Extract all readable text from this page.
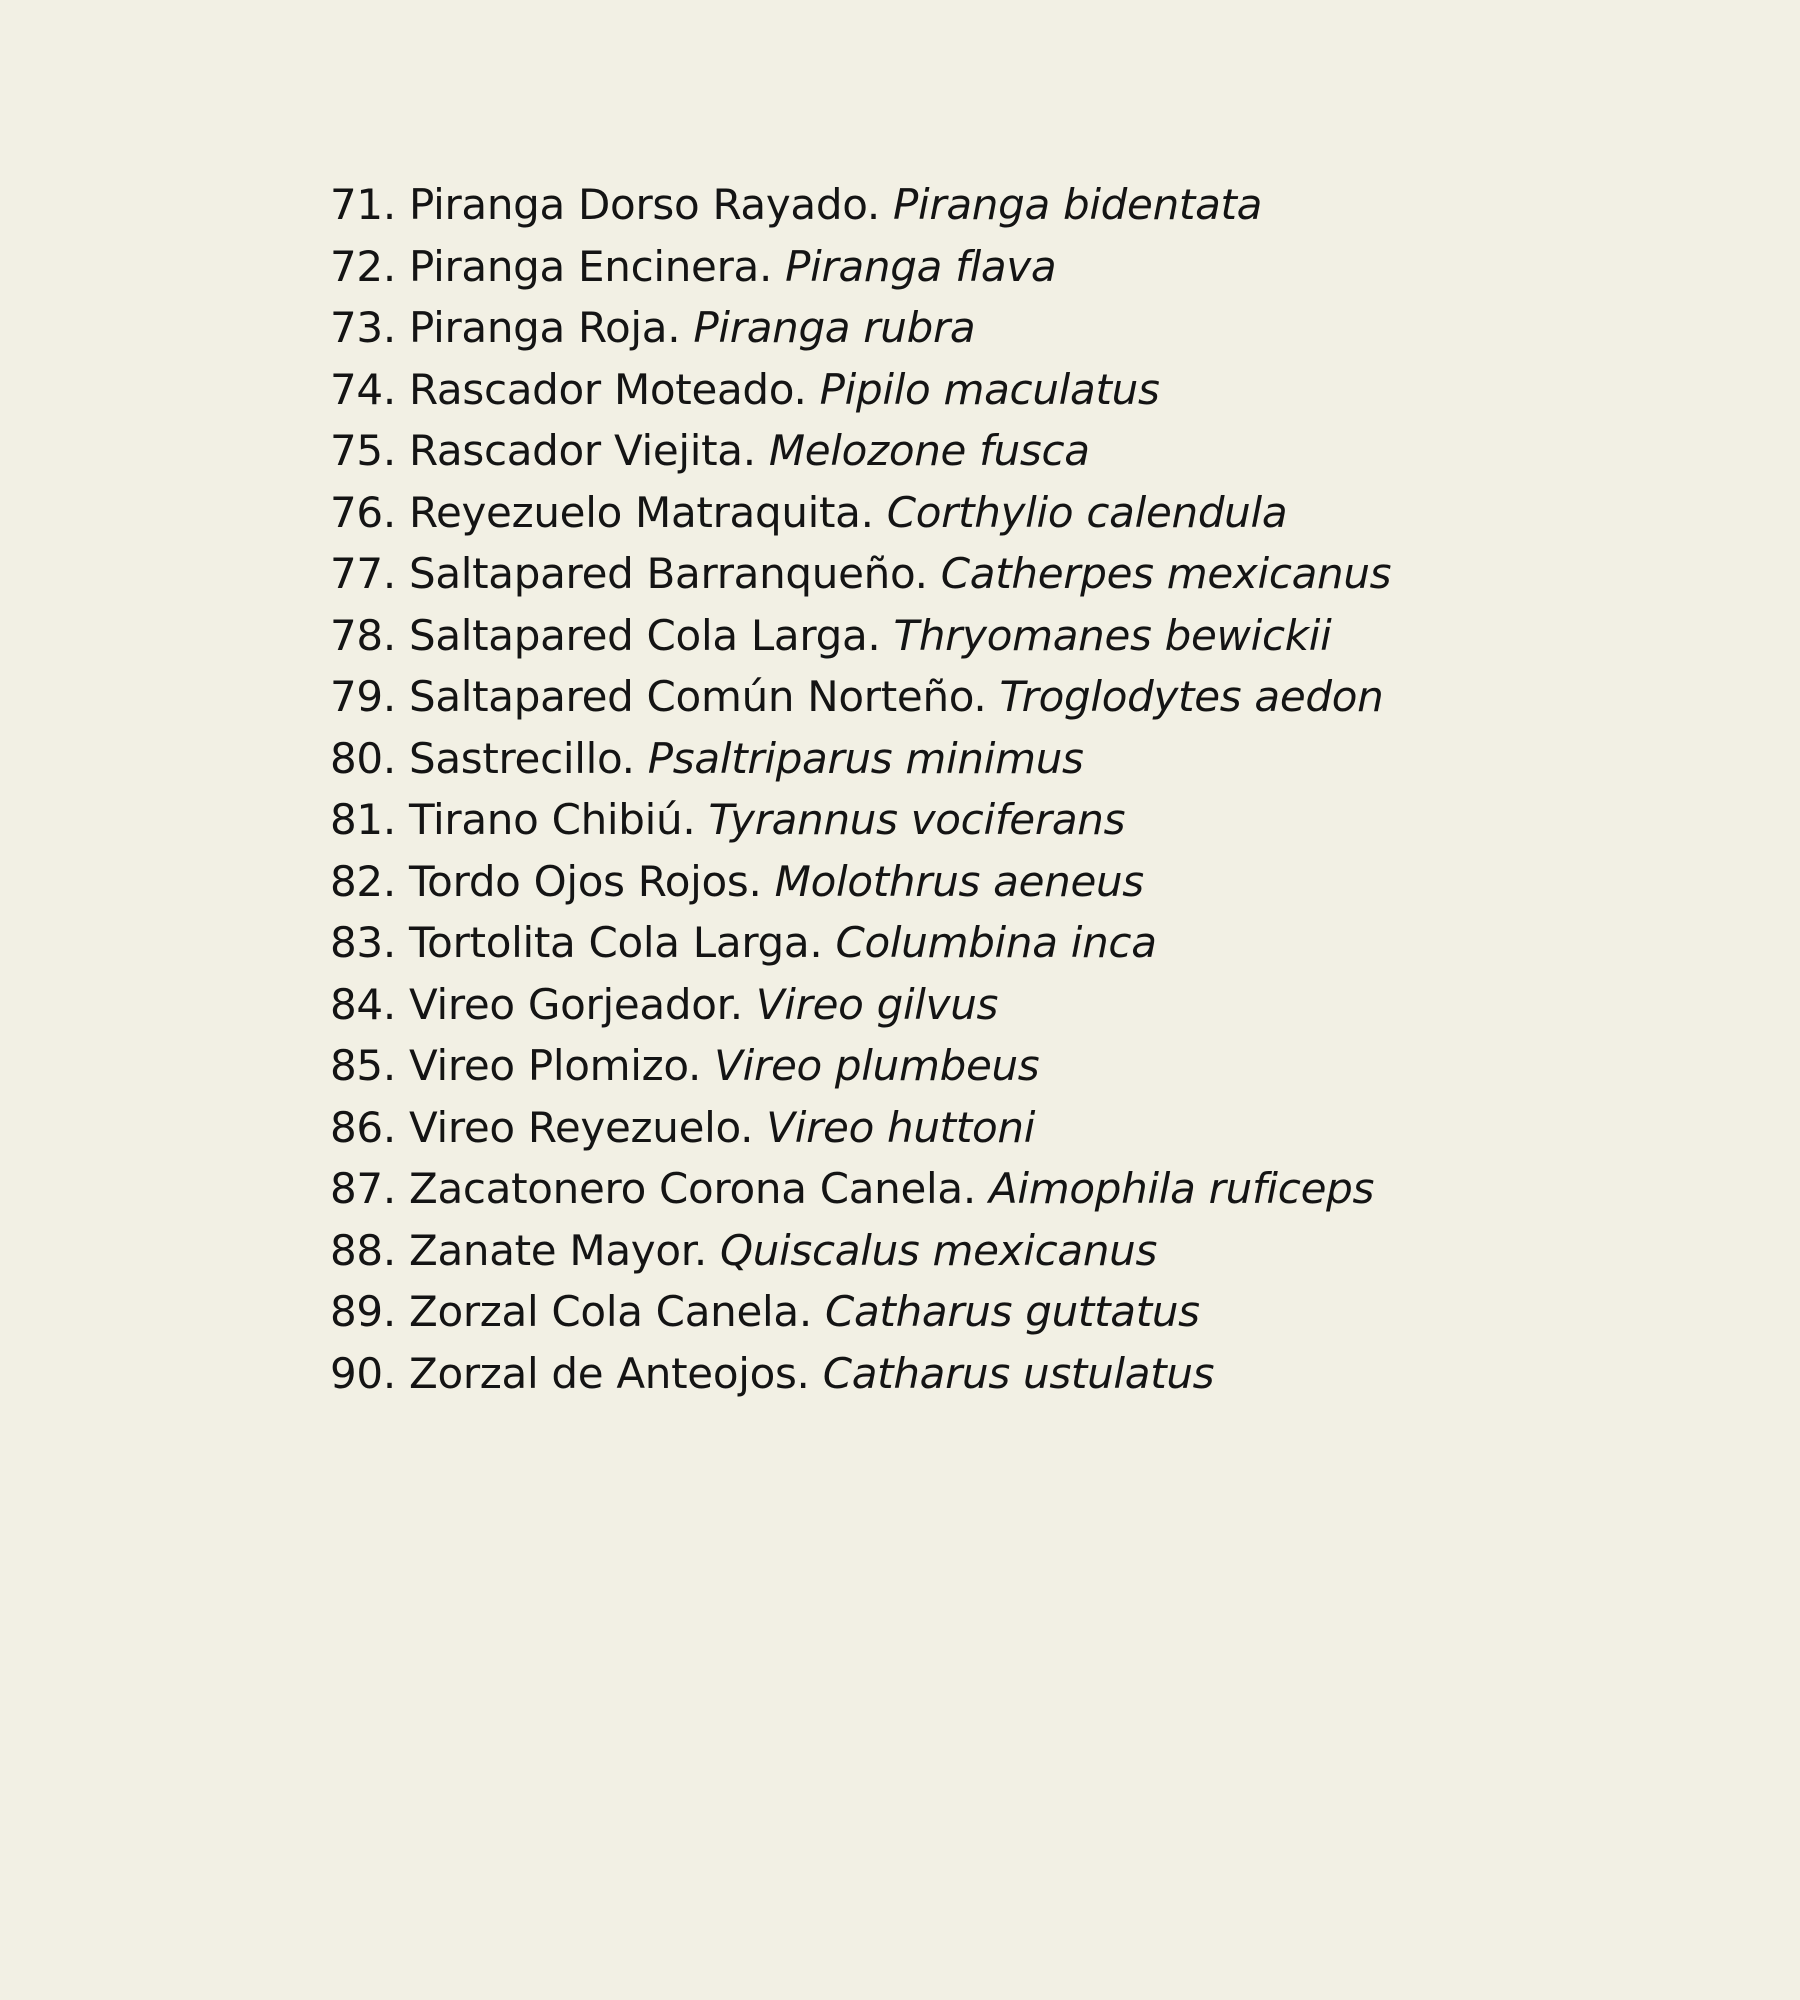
71. Piranga Dorso Rayado. Piranga bidentata
72. Piranga Encinera. Piranga flava
73. Piranga Roja. Piranga rubra
74. Rascador Moteado. Pipilo maculatus
75. Rascador Viejita. Melozone fusca
76. Reyezuelo Matraquita. Corthylio calendula
77. Saltapared Barranqueño. Catherpes mexicanus
78. Saltapared Cola Larga. Thryomanes bewickii
79. Saltapared Común Norteño. Troglodytes aedon
80. Sastrecillo. Psaltriparus minimus
81. Tirano Chibiú. Tyrannus vociferans
82. Tordo Ojos Rojos. Molothrus aeneus
83. Tortolita Cola Larga. Columbina inca
84. Vireo Gorjeador. Vireo gilvus
85. Vireo Plomizo. Vireo plumbeus
86. Vireo Reyezuelo. Vireo huttoni
87. Zacatonero Corona Canela. Aimophila ruficeps
88. Zanate Mayor. Quiscalus mexicanus
89. Zorzal Cola Canela. Catharus guttatus
90. Zorzal de Anteojos. Catharus ustulatus
